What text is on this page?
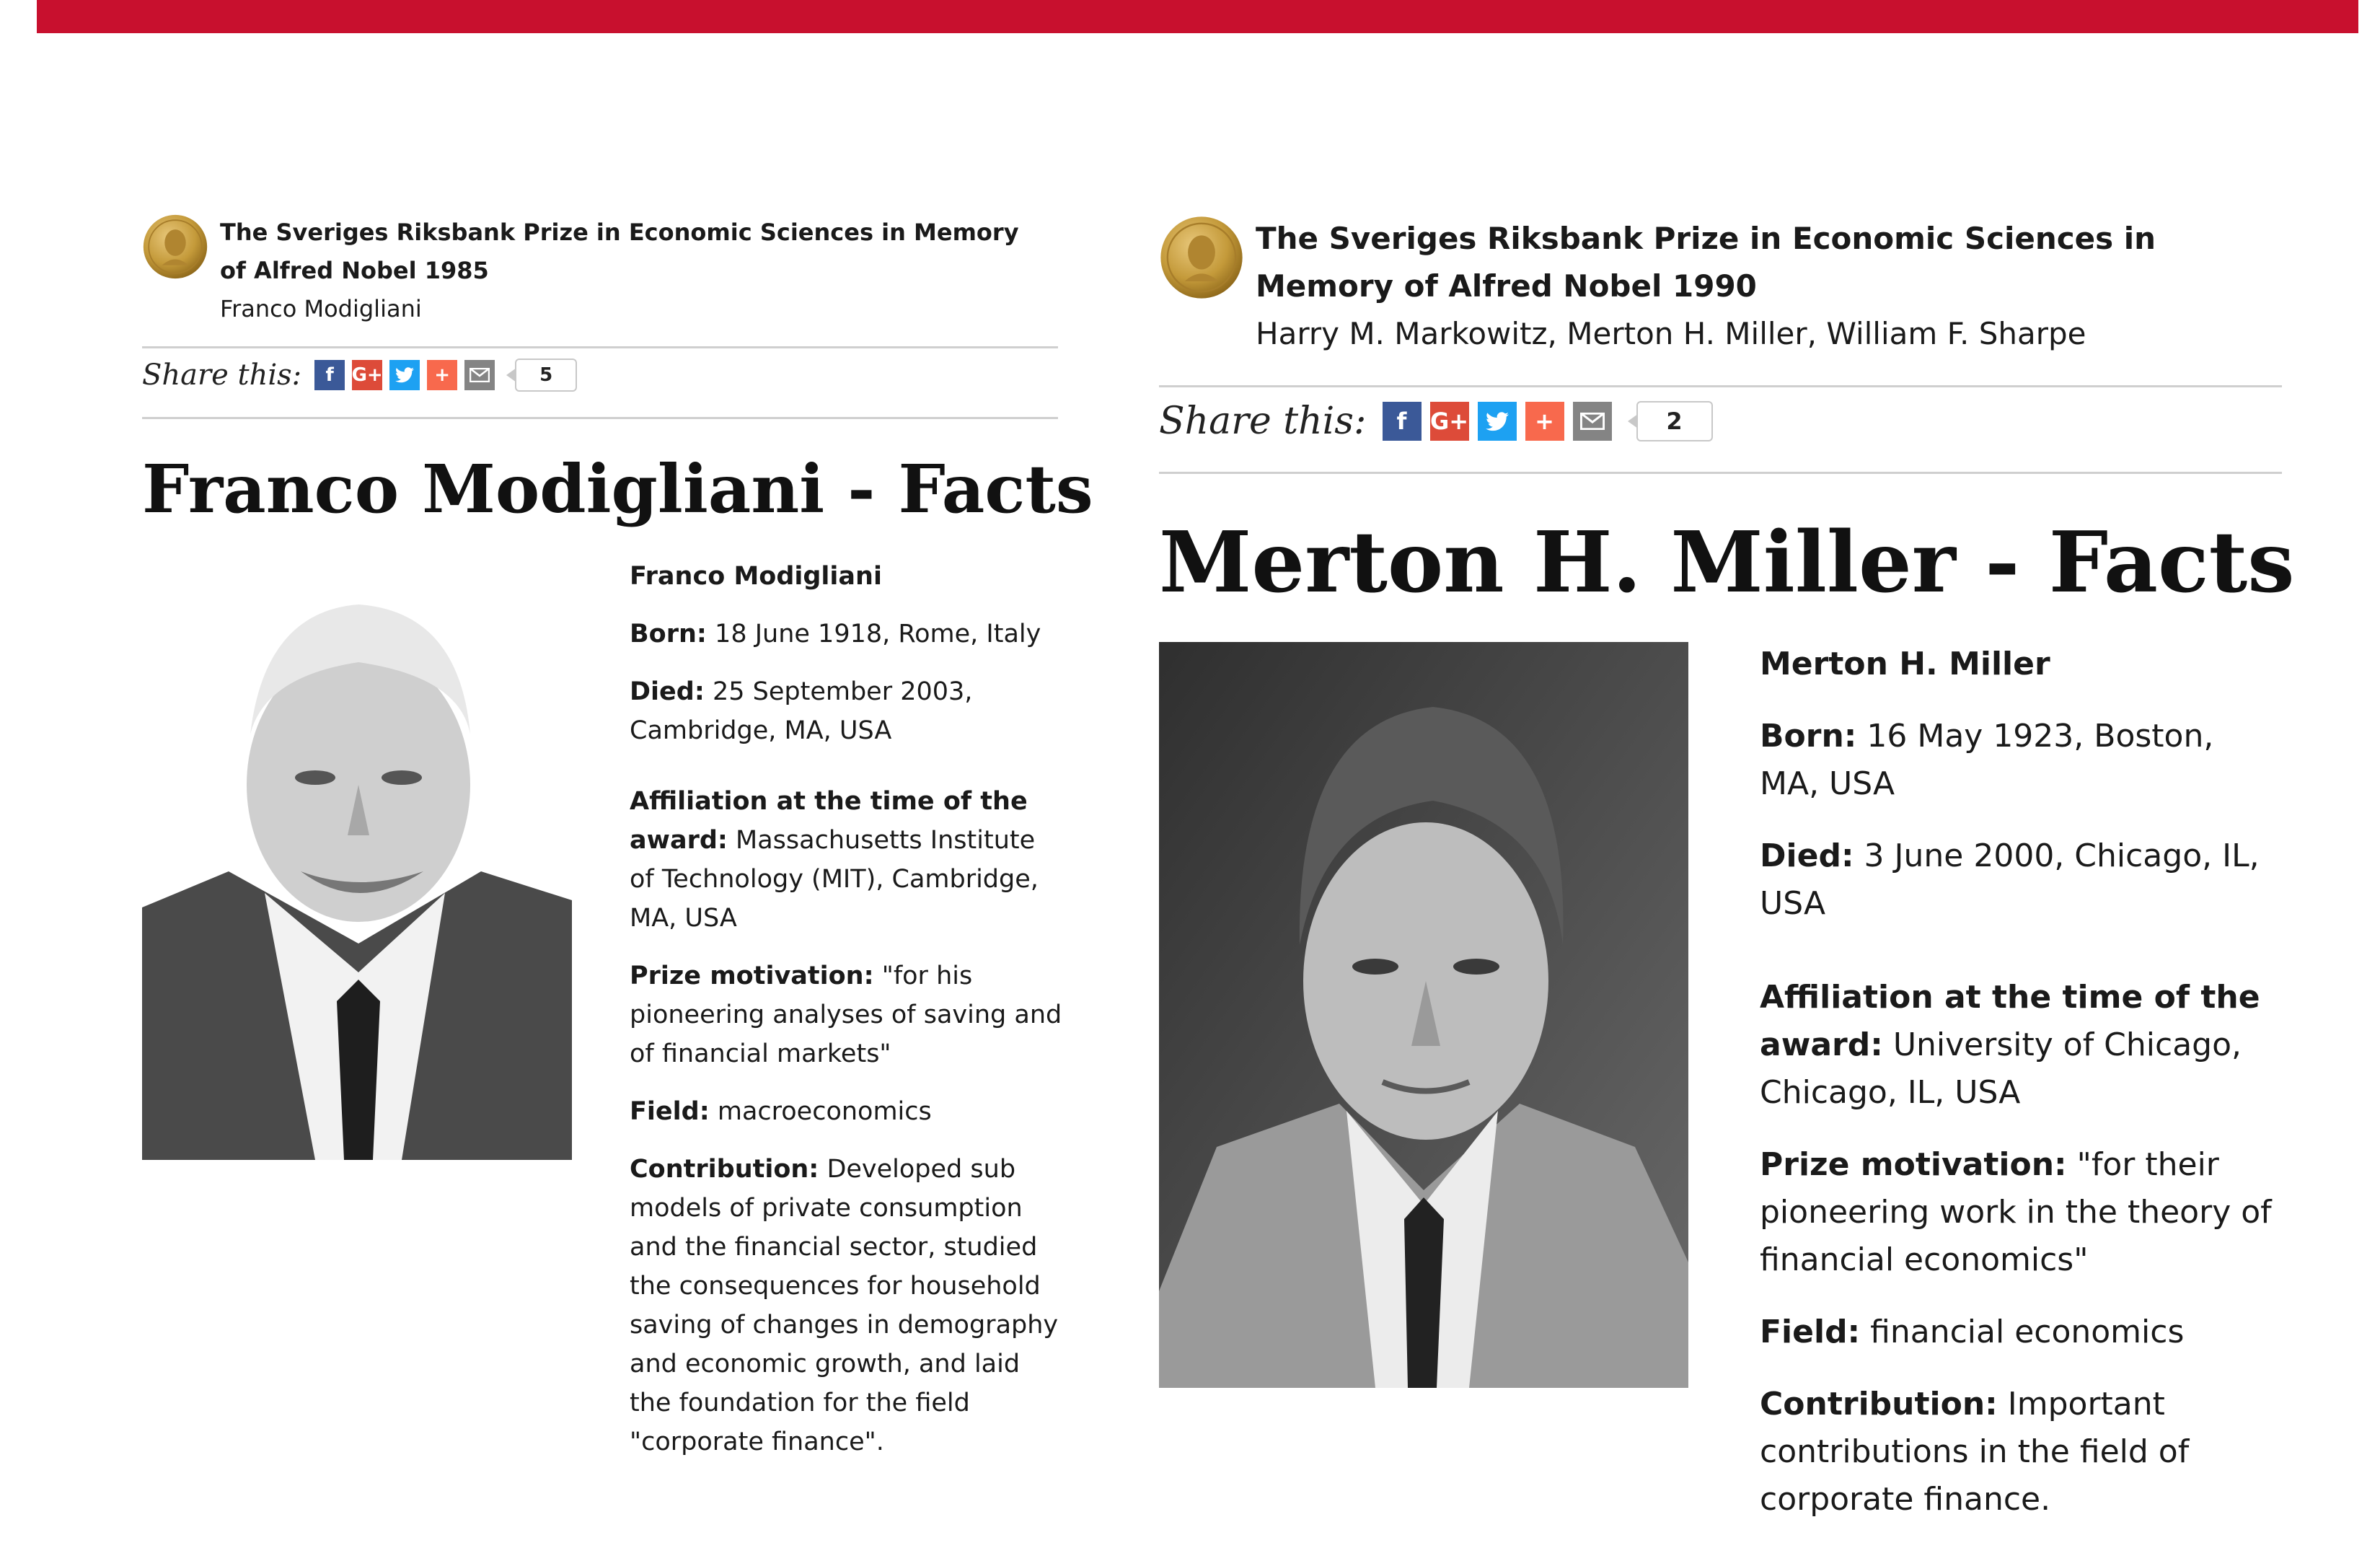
The Sveriges Riksbank Prize in Economic Sciences in Memory of Alfred Nobel 1985
Franco Modigliani
Share this:	f G+	+	5
Franco Modigliani - Facts

Franco Modigliani

Born: 18 June 1918, Rome, Italy

Died: 25 September 2003, Cambridge, MA, USA

Affiliation at the time of the award: Massachusetts Institute of Technology (MIT), Cambridge, MA, USA

Prize motivation: "for his pioneering analyses of saving and of financial markets"

Field: macroeconomics

Contribution: Developed sub models of private consumption and the financial sector, studied the consequences for household saving of changes in demography and economic growth, and laid the foundation for the field "corporate finance".

The Sveriges Riksbank Prize in Economic Sciences in Memory of Alfred Nobel 1990
Harry M. Markowitz, Merton H. Miller, William F. Sharpe
Share this:	f	G+	+	2
Merton H. Miller - Facts

Merton H. Miller

Born: 16 May 1923, Boston, MA, USA

Died: 3 June 2000, Chicago, IL, USA

Affiliation at the time of the award: University of Chicago, Chicago, IL, USA

Prize motivation: "for their pioneering work in the theory of financial economics"

Field: financial economics

Contribution: Important contributions in the field of corporate finance.
